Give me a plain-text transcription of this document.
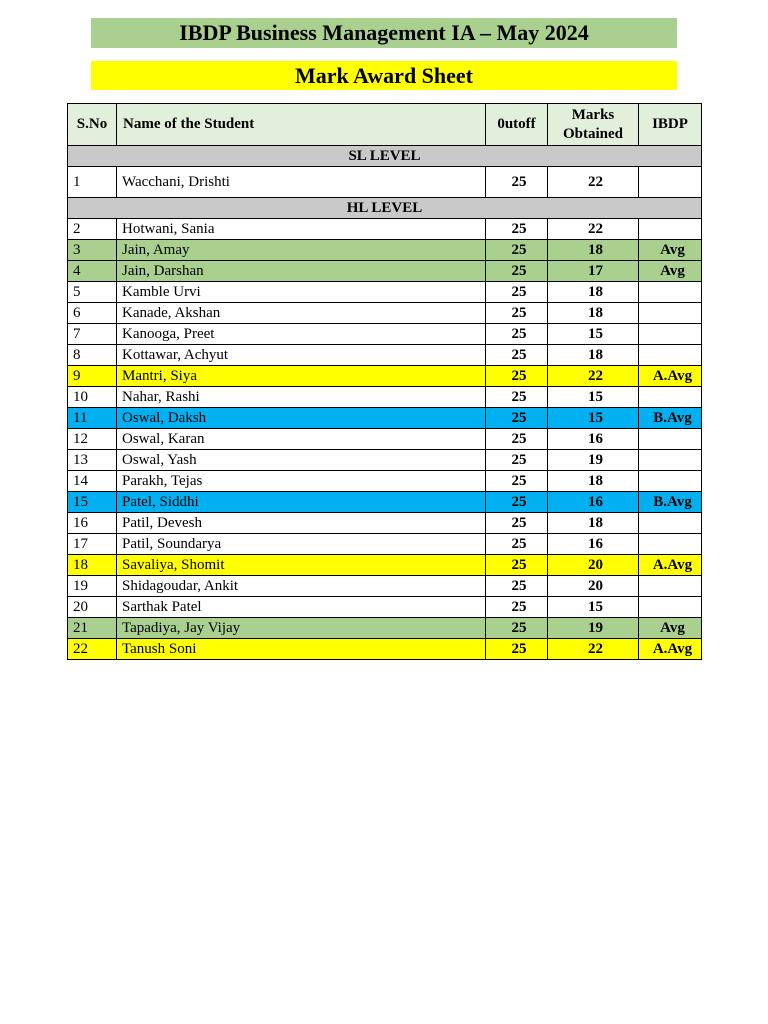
IBDP Business Management IA – May 2024
Mark Award Sheet
S.No	Name of the Student	0utoff	Marks Obtained	IBDP
SL LEVEL				
1	Wacchani, Drishti	25	22	
HL LEVEL				
2	Hotwani, Sania	25	22	
3	Jain, Amay	25	18	Avg
4	Jain, Darshan	25	17	Avg
5	Kamble Urvi	25	18	
6	Kanade, Akshan	25	18	
7	Kanooga, Preet	25	15	
8	Kottawar, Achyut	25	18	
9	Mantri, Siya	25	22	A.Avg
10	Nahar, Rashi	25	15	
11	Oswal, Daksh	25	15	B.Avg
12	Oswal, Karan	25	16	
13	Oswal, Yash	25	19	
14	Parakh, Tejas	25	18	
15	Patel, Siddhi	25	16	B.Avg
16	Patil, Devesh	25	18	
17	Patil, Soundarya	25	16	
18	Savaliya, Shomit	25	20	A.Avg
19	Shidagoudar, Ankit	25	20	
20	Sarthak Patel	25	15	
21	Tapadiya, Jay Vijay	25	19	Avg
22	Tanush Soni	25	22	A.Avg
